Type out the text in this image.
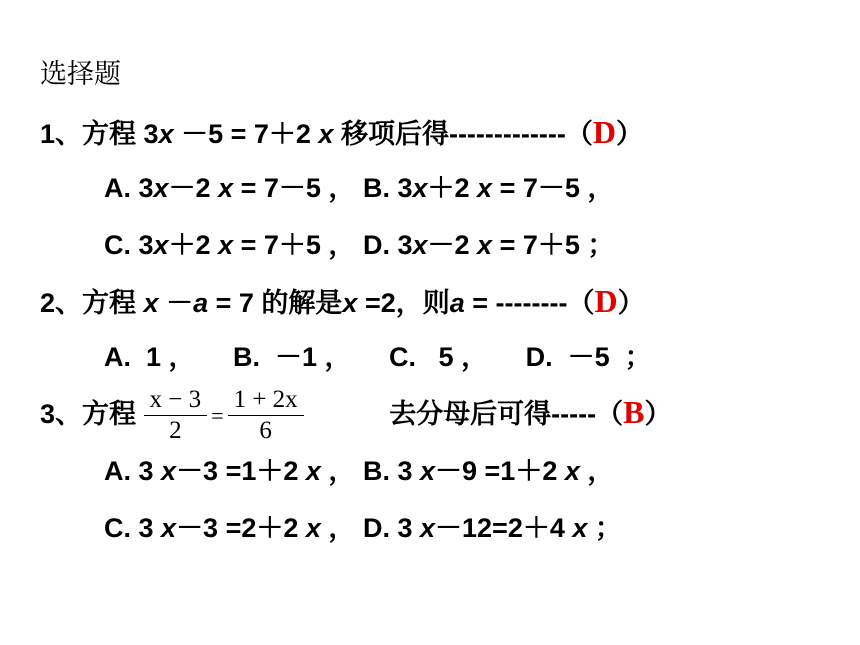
选择题
1、方程 3x －5 = 7＋2 x 移项后得-------------（D）
A. 3x－2 x = 7－5 ， B. 3x＋2 x = 7－5 ，
C. 3x＋2 x = 7＋5 ， D. 3x－2 x = 7＋5 ；
2、方程 x －a = 7 的解是x =2，则a = --------（D）
A.  1 ，     B.  －1 ，     C.   5 ，     D.  －5  ；
3、方程 $\frac{x - 3}{2} = \frac{1 + 2x}{6}$	去分母后可得-----（B）
A. 3 x－3 =1＋2 x ， B. 3 x－9 =1＋2 x ，
C. 3 x－3 =2＋2 x ， D. 3 x－12=2＋4 x ；
